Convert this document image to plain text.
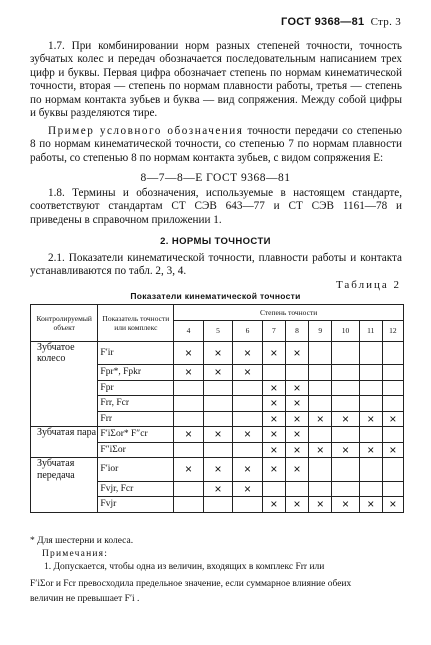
ГОСТ 9368—81 Стр. 3
1.7. При комбинировании норм разных степеней точности, точность зубчатых колес и передач обозначается последовательным написанием трех цифр и буквы. Первая цифра обозначает степень по нормам кинематической точности, вторая — степень по нормам плавности работы, третья — степень по нормам контакта зубьев и буква — вид сопряжения. Между собой цифры и буквы разделяются тире.
Пример условного обозначения точности передачи со степенью 8 по нормам кинематической точности, со степенью 7 по нормам плавности работы, со степенью 8 по нормам контакта зубьев, с видом сопряжения Е:
8—7—8—Е ГОСТ 9368—81
1.8. Термины и обозначения, используемые в настоящем стандарте, соответствуют стандартам СТ СЭВ 643—77 и СТ СЭВ 1161—78 и приведены в справочном приложении 1.
2. НОРМЫ ТОЧНОСТИ
2.1. Показатели кинематической точности, плавности работы и контакта устанавливаются по табл. 2, 3, 4.
Таблица 2
Показатели кинематической точности
Контролируемый объект	Показатель точности или комплекс	Степень точности								
		4	5	6	7	8	9	10	11	12
Зубчатое колесо	F′ir	×	×	×	×	×				
	Fpr*, Fpkr	×	×	×						
	Fpr				×	×				
	Frr, Fcr				×	×				
	Frr				×	×	×	×	×	×
Зубчатая пара	F′iΣor* F″cr	×	×	×	×	×				
	F″iΣor				×	×	×	×	×	×
Зубчатая передача	F′ior	×	×	×	×	×				
	Fvjr, Fcr		×	×						
	Fvjr				×	×	×	×	×	×
* Для шестерни и колеса.
Примечания:
1. Допускается, чтобы одна из величин, входящих в комплекс Frr или
F′iΣor и Fcr превосходила предельное значение, если суммарное влияние обеих
величин не превышает F′i .
